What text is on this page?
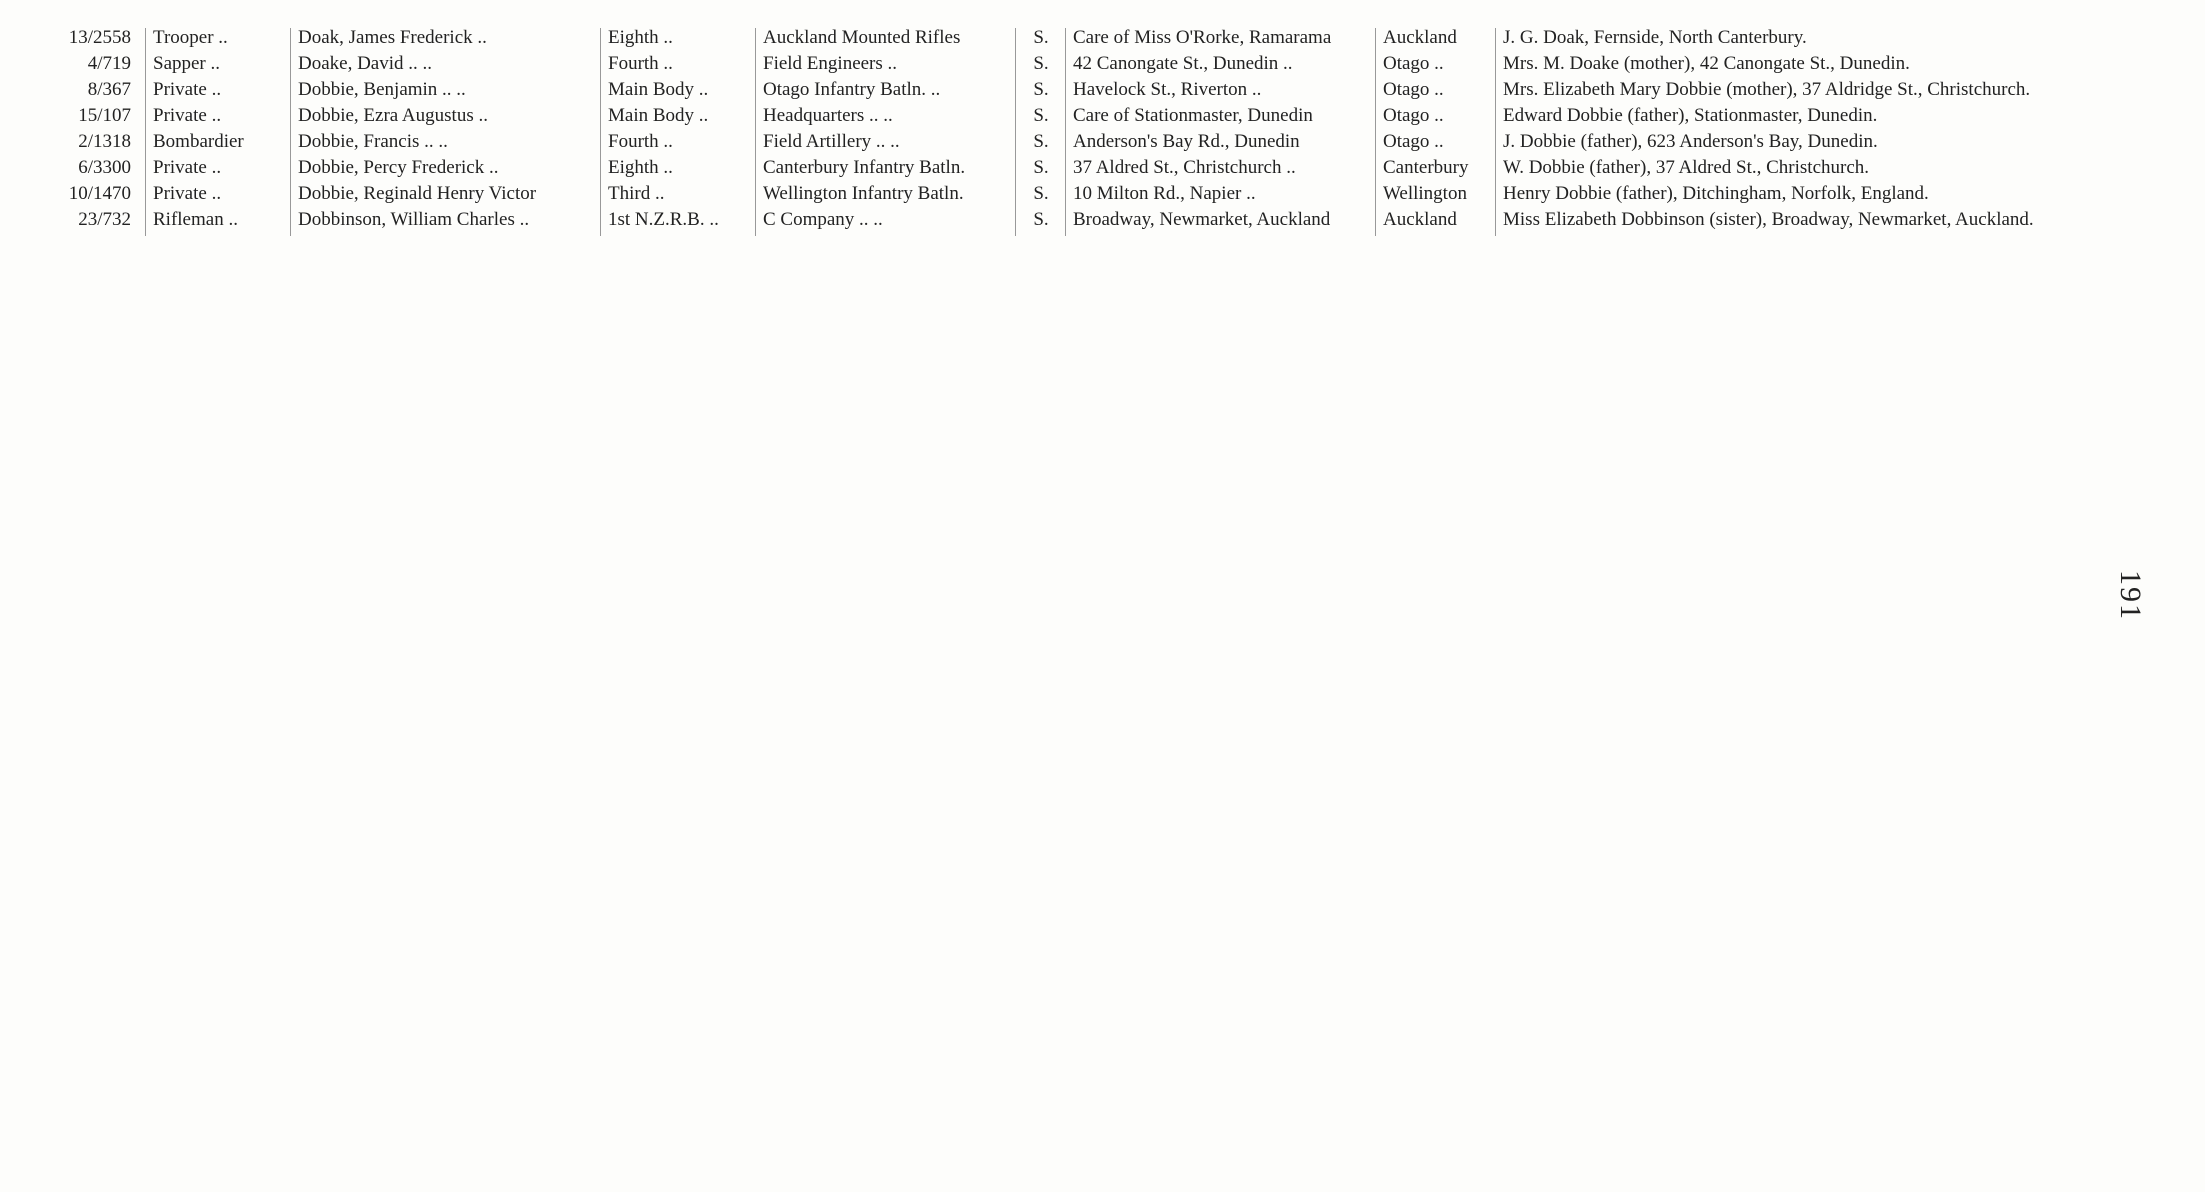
13/2558	Trooper ..	Doak, James Frederick ..	Eighth ..	Auckland Mounted Rifles	S.	Care of Miss O'Rorke, Ramarama	Auckland	J. G. Doak, Fernside, North Canterbury.
4/719	Sapper ..	Doake, David .. ..	Fourth ..	Field Engineers ..	S.	42 Canongate St., Dunedin ..	Otago ..	Mrs. M. Doake (mother), 42 Canongate St., Dunedin.
8/367	Private ..	Dobbie, Benjamin .. ..	Main Body ..	Otago Infantry Batln. ..	S.	Havelock St., Riverton ..	Otago ..	Mrs. Elizabeth Mary Dobbie (mother), 37 Aldridge St., Christchurch.
15/107	Private ..	Dobbie, Ezra Augustus ..	Main Body ..	Headquarters .. ..	S.	Care of Stationmaster, Dunedin	Otago ..	Edward Dobbie (father), Stationmaster, Dunedin.
2/1318	Bombardier	Dobbie, Francis .. ..	Fourth ..	Field Artillery .. ..	S.	Anderson's Bay Rd., Dunedin	Otago ..	J. Dobbie (father), 623 Anderson's Bay, Dunedin.
6/3300	Private ..	Dobbie, Percy Frederick ..	Eighth ..	Canterbury Infantry Batln.	S.	37 Aldred St., Christchurch ..	Canterbury	W. Dobbie (father), 37 Aldred St., Christchurch.
10/1470	Private ..	Dobbie, Reginald Henry Victor	Third ..	Wellington Infantry Batln.	S.	10 Milton Rd., Napier ..	Wellington	Henry Dobbie (father), Ditchingham, Norfolk, England.
23/732	Rifleman ..	Dobbinson, William Charles ..	1st N.Z.R.B. ..	C Company .. ..	S.	Broadway, Newmarket, Auckland	Auckland	Miss Elizabeth Dobbinson (sister), Broadway, Newmarket, Auckland.
191
